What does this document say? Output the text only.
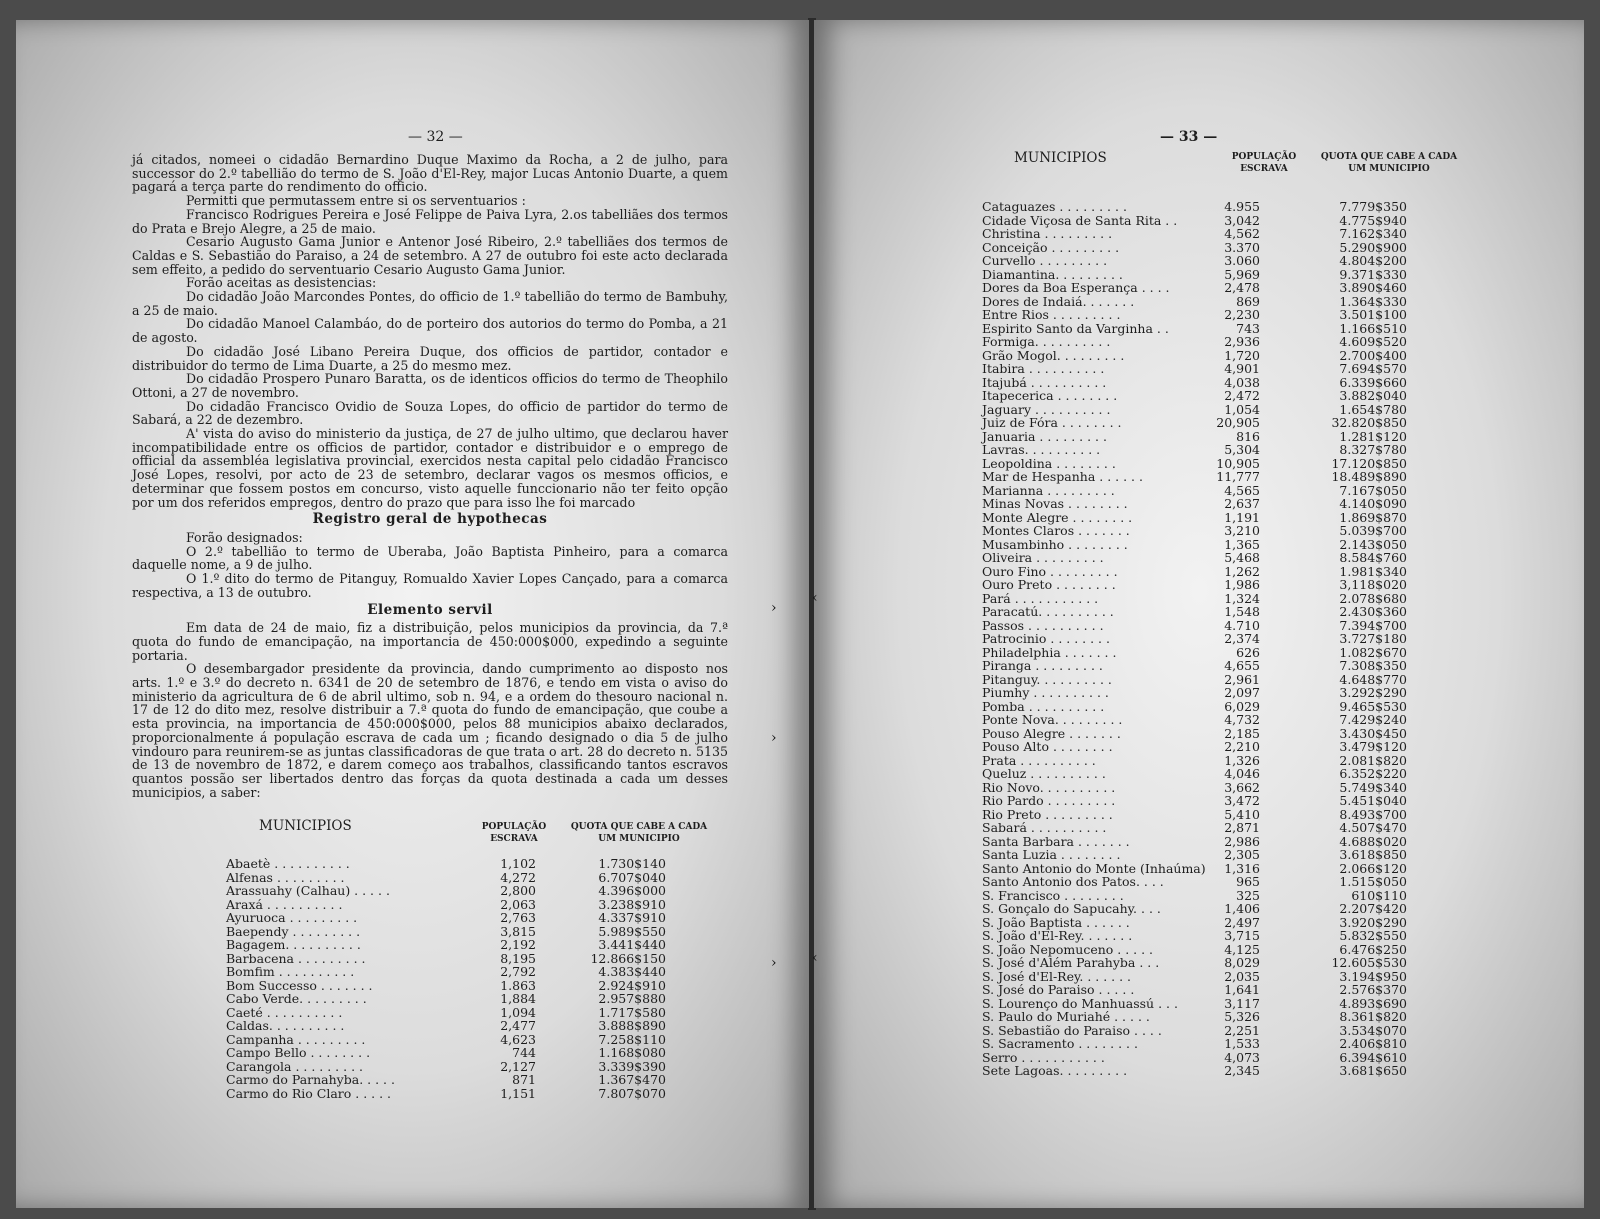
— 32 —

já citados, nomeei o cidadão Bernardino Duque Maximo da Rocha, a 2 de julho, para successor do 2.º tabellião do termo de S. João d'El-Rey, major Lucas Antonio Duarte, a quem pagará a terça parte do rendimento do officio.

Permitti que permutassem entre si os serventuarios :

Francisco Rodrigues Pereira e José Felippe de Paiva Lyra, 2.os tabelliães dos termos do Prata e Brejo Alegre, a 25 de maio.

Cesario Augusto Gama Junior e Antenor José Ribeiro, 2.º tabelliães dos termos de Caldas e S. Sebastião do Paraiso, a 24 de setembro. A 27 de outubro foi este acto declarada sem effeito, a pedido do serventuario Cesario Augusto Gama Junior.

Forão aceitas as desistencias:

Do cidadão João Marcondes Pontes, do officio de 1.º tabellião do termo de Bambuhy, a 25 de maio.

Do cidadão Manoel Calambáo, do de porteiro dos autorios do termo do Pomba, a 21 de agosto.

Do cidadão José Libano Pereira Duque, dos officios de partidor, contador e distribuidor do termo de Lima Duarte, a 25 do mesmo mez.

Do cidadão Prospero Punaro Baratta, os de identicos officios do termo de Theophilo Ottoni, a 27 de novembro.

Do cidadão Francisco Ovidio de Souza Lopes, do officio de partidor do termo de Sabará, a 22 de dezembro.

A' vista do aviso do ministerio da justiça, de 27 de julho ultimo, que declarou haver incompatibilidade entre os officios de partidor, contador e distribuidor e o emprego de official da assembléa legislativa provincial, exercidos nesta capital pelo cidadão Francisco José Lopes, resolvi, por acto de 23 de setembro, declarar vagos os mesmos officios, e determinar que fossem postos em concurso, visto aquelle funccionario não ter feito opção por um dos referidos empregos, dentro do prazo que para isso lhe foi marcado

Registro geral de hypothecas

Forão designados:

O 2.º tabellião to termo de Uberaba, João Baptista Pinheiro, para a comarca daquelle nome, a 9 de julho.

O 1.º dito do termo de Pitanguy, Romualdo Xavier Lopes Cançado, para a comarca respectiva, a 13 de outubro.

Elemento servil

Em data de 24 de maio, fiz a distribuição, pelos municipios da provincia, da 7.ª quota do fundo de emancipação, na importancia de 450:000$000, expedindo a seguinte portaria.

O desembargador presidente da provincia, dando cumprimento ao disposto nos arts. 1.º e 3.º do decreto n. 6341 de 20 de setembro de 1876, e tendo em vista o aviso do ministerio da agricultura de 6 de abril ultimo, sob n. 94, e a ordem do thesouro nacional n. 17 de 12 do dito mez, resolve distribuir a 7.ª quota do fundo de emancipação, que coube a esta provincia, na importancia de 450:000$000, pelos 88 municipios abaixo declarados, proporcionalmente á população escrava de cada um ; ficando designado o dia 5 de julho vindouro para reunirem-se as juntas classificadoras de que trata o art. 28 do decreto n. 5135 de 13 de novembro de 1872, e darem começo aos trabalhos, classificando tantos escravos quantos possão ser libertados dentro das forças da quota destinada a cada um desses municipios, a saber:

MUNICIPIOS	POPULAÇÃO
ESCRAVA
QUOTA QUE CABE A CADA
UM MUNICIPIO
Abaetè . . . . . . . . . .	1,102	1.730$140
Alfenas . . . . . . . . .	4,272	6.707$040
Arassuahy (Calhau) . . . . .	2,800	4.396$000
Araxá . . . . . . . . . .	2,063	3.238$910
Ayuruoca . . . . . . . . .	2,763	4.337$910
Baependy . . . . . . . . .	3,815	5.989$550
Bagagem. . . . . . . . . .	2,192	3.441$440
Barbacena . . . . . . . . .	8,195	12.866$150
Bomfim . . . . . . . . . .	2,792	4.383$440
Bom Successo . . . . . . .	1.863	2.924$910
Cabo Verde. . . . . . . . .	1,884	2.957$880
Caeté . . . . . . . . . .	1,094	1.717$580
Caldas. . . . . . . . . .	2,477	3.888$890
Campanha . . . . . . . . .	4,623	7.258$110
Campo Bello . . . . . . . .	744	1.168$080
Carangola . . . . . . . . .	2,127	3.339$390
Carmo do Parnahyba. . . . .	871	1.367$470
Carmo do Rio Claro . . . . .	1,151	7.807$070
›
›
›
— 33 —
MUNICIPIOS	POPULAÇÃO
ESCRAVA
QUOTA QUE CABE A CADA
UM MUNICIPIO
Cataguazes . . . . . . . . .	4.955	7.779$350
Cidade Viçosa de Santa Rita . .	3,042	4.775$940
Christina . . . . . . . . .	4,562	7.162$340
Conceição . . . . . . . . .	3.370	5.290$900
Curvello . . . . . . . . .	3.060	4.804$200
Diamantina. . . . . . . . .	5,969	9.371$330
Dores da Boa Esperança . . . .	2,478	3.890$460
Dores de Indaiá. . . . . . .	869	1.364$330
Entre Rios . . . . . . . . .	2,230	3.501$100
Espirito Santo da Varginha . .	743	1.166$510
Formiga. . . . . . . . . .	2,936	4.609$520
Grão Mogol. . . . . . . . .	1,720	2.700$400
Itabira . . . . . . . . . .	4,901	7.694$570
Itajubá . . . . . . . . . .	4,038	6.339$660
Itapecerica . . . . . . . .	2,472	3.882$040
Jaguary . . . . . . . . . .	1,054	1.654$780
Juiz de Fóra . . . . . . . .	20,905	32.820$850
Januaria . . . . . . . . .	816	1.281$120
Lavras. . . . . . . . . .	5,304	8.327$780
Leopoldina . . . . . . . .	10,905	17.120$850
Mar de Hespanha . . . . . .	11,777	18.489$890
Marianna . . . . . . . . .	4,565	7.167$050
Minas Novas . . . . . . . .	2,637	4.140$090
Monte Alegre . . . . . . . .	1,191	1.869$870
Montes Claros . . . . . . .	3,210	5.039$700
Musambinho . . . . . . . .	1,365	2.143$050
Oliveira . . . . . . . . .	5,468	8.584$760
Ouro Fino . . . . . . . . .	1,262	1.981$340
Ouro Preto . . . . . . . .	1,986	3,118$020
Pará . . . . . . . . . . .	1,324	2.078$680
Paracatú. . . . . . . . . .	1,548	2.430$360
Passos . . . . . . . . . .	4.710	7.394$700
Patrocinio . . . . . . . .	2,374	3.727$180
Philadelphia . . . . . . .	626	1.082$670
Piranga . . . . . . . . .	4,655	7.308$350
Pitanguy. . . . . . . . . .	2,961	4.648$770
Piumhy . . . . . . . . . .	2,097	3.292$290
Pomba . . . . . . . . . .	6,029	9.465$530
Ponte Nova. . . . . . . . .	4,732	7.429$240
Pouso Alegre . . . . . . .	2,185	3.430$450
Pouso Alto . . . . . . . .	2,210	3.479$120
Prata . . . . . . . . . .	1,326	2.081$820
Queluz . . . . . . . . . .	4,046	6.352$220
Rio Novo. . . . . . . . . .	3,662	5.749$340
Rio Pardo . . . . . . . . .	3,472	5.451$040
Rio Preto . . . . . . . . .	5,410	8.493$700
Sabará . . . . . . . . . .	2,871	4.507$470
Santa Barbara . . . . . . .	2,986	4.688$020
Santa Luzia . . . . . . . .	2,305	3.618$850
Santo Antonio do Monte (Inhaúma)	1,316	2.066$120
Santo Antonio dos Patos. . . .	965	1.515$050
S. Francisco . . . . . . . .	325	610$110
S. Gonçalo do Sapucahy. . . .	1,406	2.207$420
S. João Baptista . . . . . .	2,497	3.920$290
S. João d'El-Rey. . . . . . .	3,715	5.832$550
S. João Nepomuceno . . . . .	4,125	6.476$250
S. José d'Além Parahyba . . .	8,029	12.605$530
S. José d'El-Rey. . . . . . .	2,035	3.194$950
S. José do Paraiso . . . . .	1,641	2.576$370
S. Lourenço do Manhuassú . . .	3,117	4.893$690
S. Paulo do Muriahé . . . . .	5,326	8.361$820
S. Sebastião do Paraiso . . . .	2,251	3.534$070
S. Sacramento . . . . . . . .	1,533	2.406$810
Serro . . . . . . . . . . .	4,073	6.394$610
Sete Lagoas. . . . . . . . .	2,345	3.681$650
‹
‹
